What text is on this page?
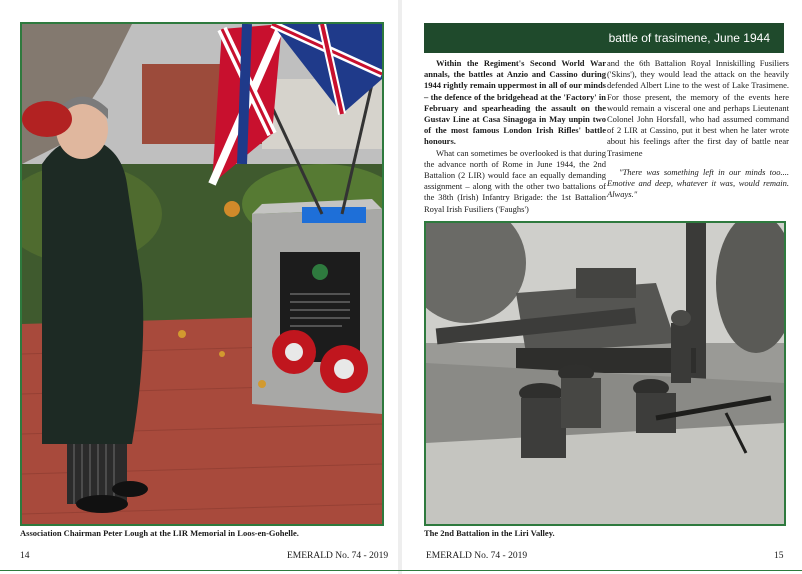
Association Chairman Peter Lough at the LIR Memorial in Loos-en-Gohelle.
14	EMERALD No. 74 - 2019
battle of trasimene, June 1944

Within the Regiment's Second World War annals, the battles at Anzio and Cassino during 1944 rightly remain uppermost in all of our minds – the defence of the bridgehead at the 'Factory' in February and spearheading the assault on the Gustav Line at Casa Sinagoga in May unpin two of the most famous London Irish Rifles' battle honours.

What can sometimes be overlooked is that during the advance north of Rome in June 1944, the 2nd Battalion (2 LIR) would face an equally demanding assignment – along with the other two battalions of the 38th (Irish) Infantry Brigade: the 1st Battalion Royal Irish Fusiliers ('Faughs')

and the 6th Battalion Royal Inniskilling Fusiliers ('Skins'), they would lead the attack on the heavily defended Albert Line to the west of Lake Trasimene. For those present, the memory of the events here would remain a visceral one and perhaps Lieutenant Colonel John Horsfall, who had assumed command of 2 LIR at Cassino, put it best when he later wrote about his feelings after the first day of battle near Trasimene

"There was something left in our minds too.... Emotive and deep, whatever it was, would remain. Always."

The 2nd Battalion in the Liri Valley.
EMERALD No. 74 - 2019	15
